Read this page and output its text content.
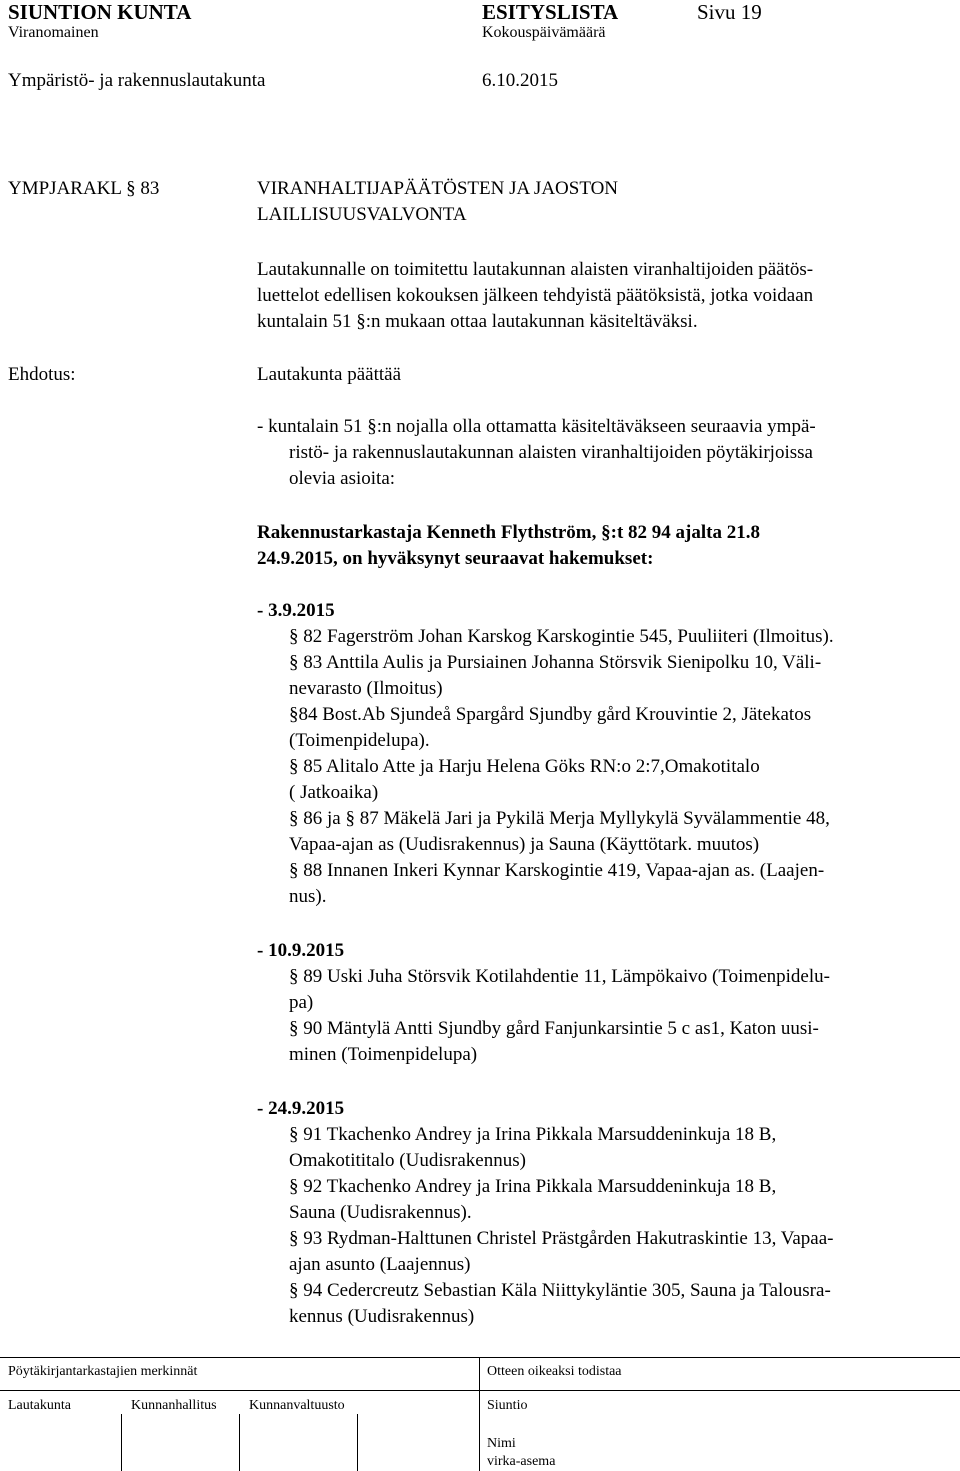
SIUNTION KUNTA	ESITYSLISTA	Sivu 19
Viranomainen	Kokouspäivämäärä
Ympäristö- ja rakennuslautakunta	6.10.2015
YMPJARAKL § 83	VIRANHALTIJAPÄÄTÖSTEN JA JAOSTON
LAILLISUUSVALVONTA
Lautakunnalle on toimitettu lautakunnan alaisten viranhaltijoiden päätös-
luettelot edellisen kokouksen jälkeen tehdyistä päätöksistä, jotka voidaan
kuntalain 51 §:n mukaan ottaa lautakunnan käsiteltäväksi.
Ehdotus:	Lautakunta päättää
- kuntalain 51 §:n nojalla olla ottamatta käsiteltäväkseen seuraavia ympä-
ristö- ja rakennuslautakunnan alaisten viranhaltijoiden pöytäkirjoissa
olevia asioita:
Rakennustarkastaja Kenneth Flythström, §:t 82 94 ajalta 21.8
24.9.2015, on hyväksynyt seuraavat hakemukset:
- 3.9.2015
§ 82 Fagerström Johan Karskog Karskogintie 545, Puuliiteri (Ilmoitus).
§ 83 Anttila Aulis ja Pursiainen Johanna Störsvik Sienipolku 10, Väli-
nevarasto (Ilmoitus)
§84 Bost.Ab Sjundeå Spargård Sjundby gård Krouvintie 2, Jätekatos
(Toimenpidelupa).
§ 85 Alitalo Atte ja Harju Helena Göks RN:o 2:7,Omakotitalo
( Jatkoaika)
§ 86 ja § 87 Mäkelä Jari ja Pykilä Merja Myllykylä Syvälammentie 48,
Vapaa-ajan as (Uudisrakennus) ja Sauna (Käyttötark. muutos)
§ 88 Innanen Inkeri Kynnar Karskogintie 419, Vapaa-ajan as. (Laajen-
nus).
- 10.9.2015
§ 89 Uski Juha Störsvik Kotilahdentie 11, Lämpökaivo (Toimenpidelu-
pa)
§ 90 Mäntylä Antti Sjundby gård Fanjunkarsintie 5 c as1, Katon uusi-
minen (Toimenpidelupa)
- 24.9.2015
§ 91 Tkachenko Andrey ja Irina Pikkala Marsuddeninkuja 18 B,
Omakotititalo (Uudisrakennus)
§ 92 Tkachenko Andrey ja Irina Pikkala Marsuddeninkuja 18 B,
Sauna (Uudisrakennus).
§ 93 Rydman-Halttunen Christel Prästgården Hakutraskintie 13, Vapaa-
ajan asunto (Laajennus)
§ 94 Cedercreutz Sebastian Käla Niittykyläntie 305, Sauna ja Talousra-
kennus (Uudisrakennus)
Pöytäkirjantarkastajien merkinnät	Otteen oikeaksi todistaa
Lautakunta	Kunnanhallitus Kunnanvaltuusto	Siuntio
Nimi
virka-asema
